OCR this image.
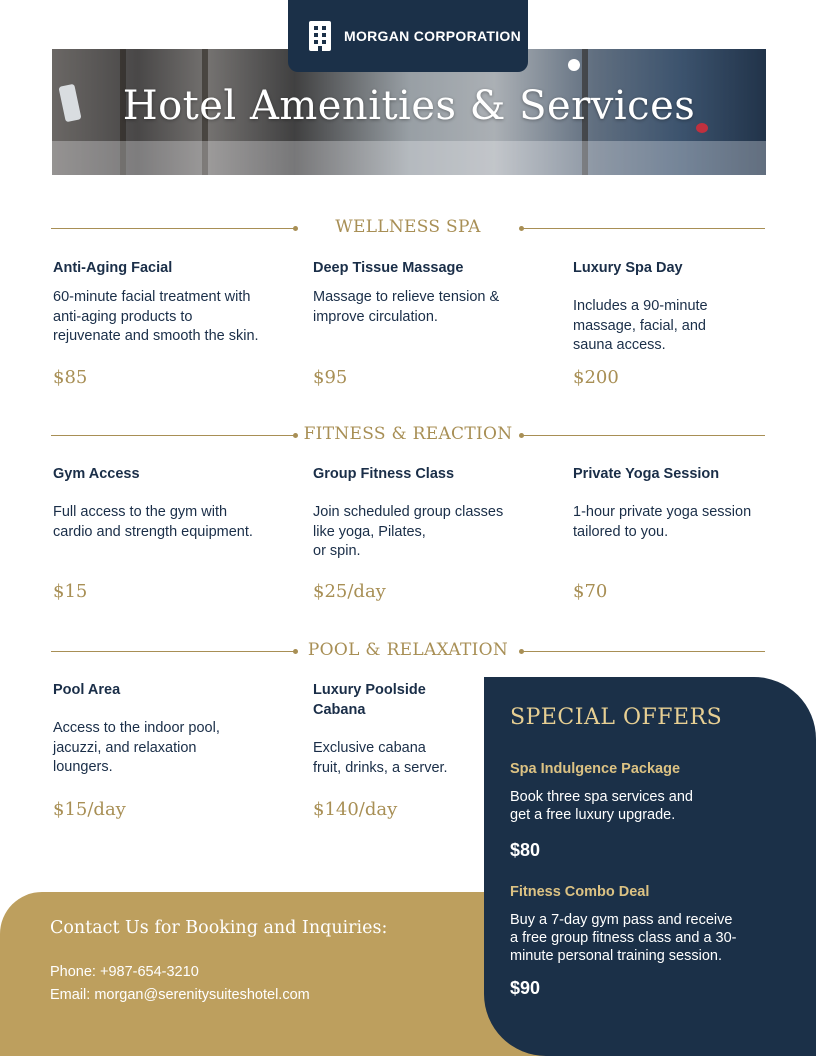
Hotel Amenities & Services
MORGAN CORPORATION
WELLNESS SPA
Anti-Aging Facial
60-minute facial treatment with
anti-aging products to
rejuvenate and smooth the skin.
$85
Deep Tissue Massage
Massage to relieve tension &
improve circulation.
$95
Luxury Spa Day
Includes a 90-minute
massage, facial, and
sauna access.
$200
FITNESS & REACTION
Gym Access
Full access to the gym with
cardio and strength equipment.
$15
Group Fitness Class
Join scheduled group classes
like yoga, Pilates,
or spin.
$25/day
Private Yoga Session
1-hour private yoga session
tailored to you.
$70
POOL & RELAXATION
Pool Area
Access to the indoor pool,
jacuzzi, and relaxation
loungers.
$15/day
Luxury Poolside
Cabana
Exclusive cabana
fruit, drinks, a server.
$140/day
Contact Us for Booking and Inquiries:
Phone: +987-654-3210
Email: morgan@serenitysuiteshotel.com
SPECIAL OFFERS
Spa Indulgence Package
Book three spa services and
get a free luxury upgrade.
$80
Fitness Combo Deal
Buy a 7-day gym pass and receive
a free group fitness class and a 30-
minute personal training session.
$90
